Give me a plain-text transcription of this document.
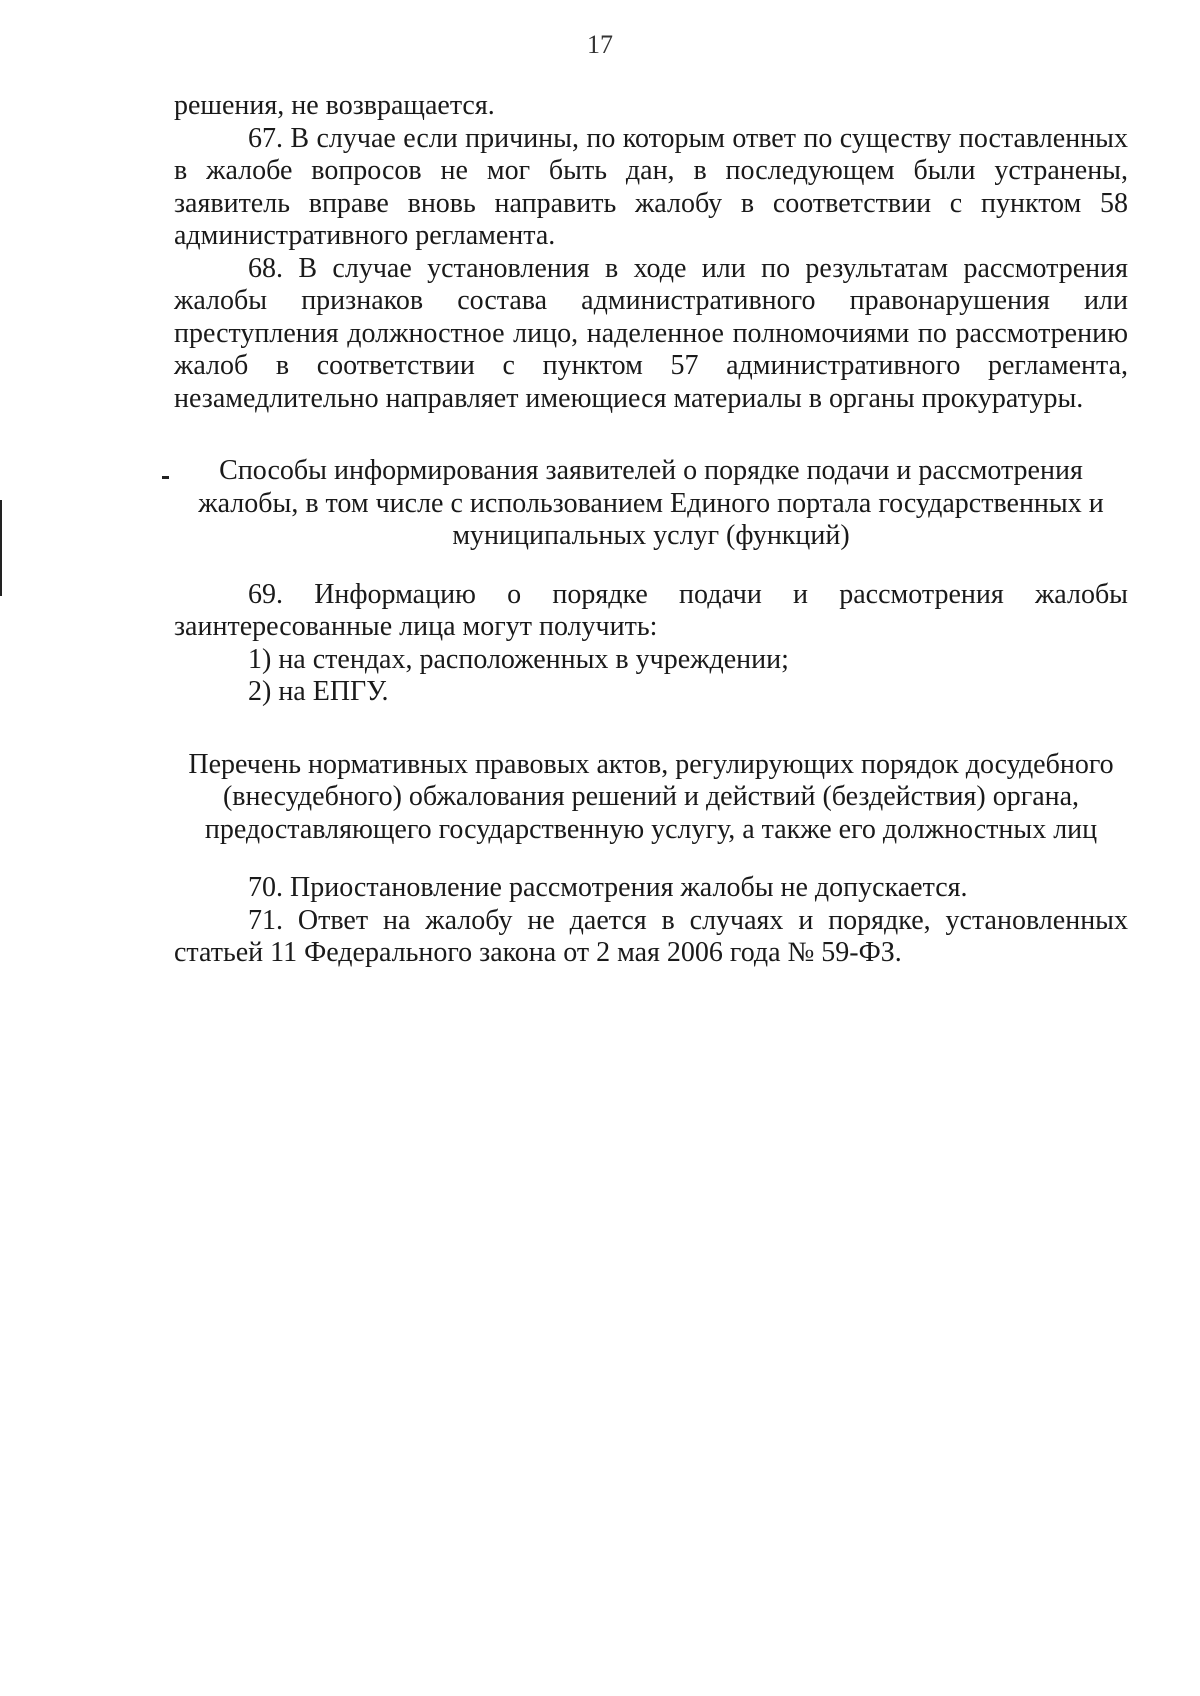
17

решения, не возвращается.

67. В случае если причины, по которым ответ по существу поставленных в жалобе вопросов не мог быть дан, в последующем были устранены, заявитель вправе вновь направить жалобу в соответствии с пунктом 58 административного регламента.

68. В случае установления в ходе или по результатам рассмотрения жалобы признаков состава административного правонарушения или преступления должностное лицо, наделенное полномочиями по рассмотрению жалоб в соответствии с пунктом 57 административного регламента, незамедлительно направляет имеющиеся материалы в органы прокуратуры.

Способы информирования заявителей о порядке подачи и рассмотрения жалобы, в том числе с использованием Единого портала государственных и муниципальных услуг (функций)

69. Информацию о порядке подачи и рассмотрения жалобы заинтересованные лица могут получить:

1) на стендах, расположенных в учреждении;

2) на ЕПГУ.

Перечень нормативных правовых актов, регулирующих порядок досудебного (внесудебного) обжалования решений и действий (бездействия) органа, предоставляющего государственную услугу, а также его должностных лиц

70. Приостановление рассмотрения жалобы не допускается.

71. Ответ на жалобу не дается в случаях и порядке, установленных статьей 11 Федерального закона от 2 мая 2006 года № 59-ФЗ.
